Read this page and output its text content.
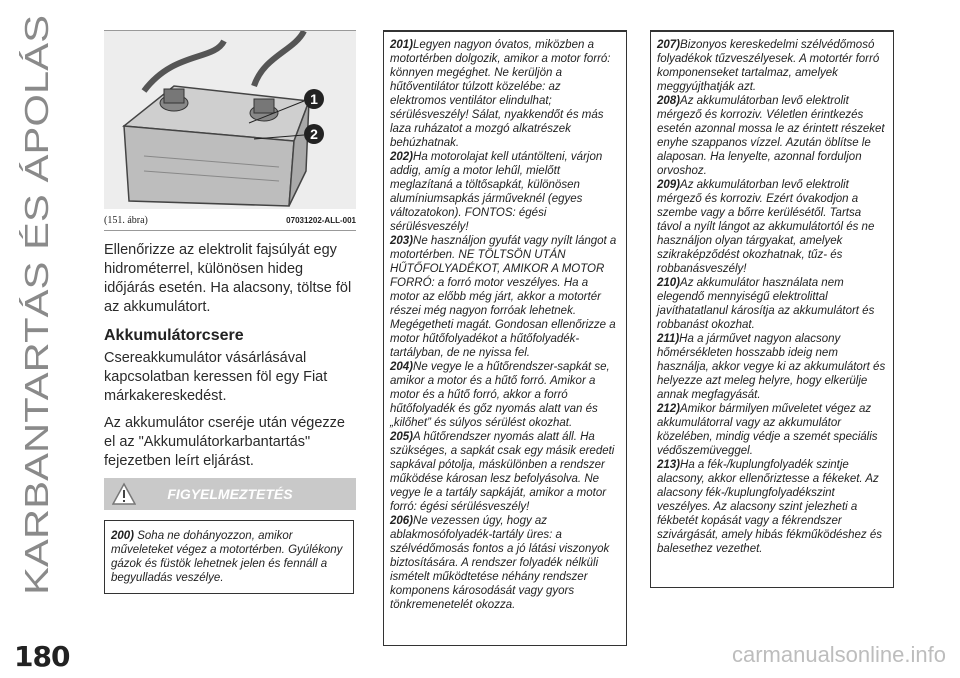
KARBANTARTÁS ÉS ÁPOLÁS
180
1
2
(151. ábra)	07031202-ALL-001

Ellenőrizze az elektrolit fajsúlyát egy hidrométerrel, különösen hideg időjárás esetén. Ha alacsony, töltse föl az akkumulátort.

Akkumulátorcsere

Csereakkumulátor vásárlásával kapcsolatban keressen föl egy Fiat márkakereskedést.

Az akkumulátor cseréje után végezze el az "Akkumulátorkarbantartás" fejezetben leírt eljárást.

FIGYELMEZTETÉS

200) Soha ne dohányozzon, amikor műveleteket végez a motortérben. Gyúlékony gázok és füstök lehetnek jelen és fennáll a begyulladás veszélye.

201)Legyen nagyon óvatos, miközben a motortérben dolgozik, amikor a motor forró: könnyen megéghet. Ne kerüljön a hűtőventilátor túlzott közelébe: az elektromos ventilátor elindulhat; sérülésveszély! Sálat, nyakkendőt és más laza ruházatot a mozgó alkatrészek behúzhatnak.

202)Ha motorolajat kell utántölteni, várjon addig, amíg a motor lehűl, mielőtt meglazítaná a töltősapkát, különösen alumíniumsapkás járműveknél (egyes változatokon). FONTOS: égési sérülésveszély!

203)Ne használjon gyufát vagy nyílt lángot a motortérben. NE TÖLTSÖN UTÁN HŰTŐFOLYADÉKOT, AMIKOR A MOTOR FORRÓ: a forró motor veszélyes. Ha a motor az előbb még járt, akkor a motortér részei még nagyon forróak lehetnek. Megégetheti magát. Gondosan ellenőrizze a motor hűtőfolyadékot a hűtőfolyadék-tartályban, de ne nyissa fel.

204)Ne vegye le a hűtőrendszer-sapkát se, amikor a motor és a hűtő forró. Amikor a motor és a hűtő forró, akkor a forró hűtőfolyadék és gőz nyomás alatt van és „kilőhet” és súlyos sérülést okozhat.

205)A hűtőrendszer nyomás alatt áll. Ha szükséges, a sapkát csak egy másik eredeti sapkával pótolja, máskülönben a rendszer működése károsan lesz befolyásolva. Ne vegye le a tartály sapkáját, amikor a motor forró: égési sérülésveszély!

206)Ne vezessen úgy, hogy az ablakmosófolyadék-tartály üres: a szélvédőmosás fontos a jó látási viszonyok biztosítására. A rendszer folyadék nélküli ismételt működtetése néhány rendszer komponens károsodását vagy gyors tönkremenetelét okozza.

207)Bizonyos kereskedelmi szélvédőmosó folyadékok tűzveszélyesek. A motortér forró komponenseket tartalmaz, amelyek meggyújthatják azt.

208)Az akkumulátorban levő elektrolit mérgező és korroziv. Véletlen érintkezés esetén azonnal mossa le az érintett részeket enyhe szappanos vízzel. Azután öblítse le alaposan. Ha lenyelte, azonnal forduljon orvoshoz.

209)Az akkumulátorban levő elektrolit mérgező és korroziv. Ezért óvakodjon a szembe vagy a bőrre kerülésétől. Tartsa távol a nyílt lángot az akkumulátortól és ne használjon olyan tárgyakat, amelyek szikraképződést okozhatnak, tűz- és robbanásveszély!

210)Az akkumulátor használata nem elegendő mennyiségű elektrolittal javíthatatlanul károsítja az akkumulátort és robbanást okozhat.

211)Ha a járművet nagyon alacsony hőmérsékleten hosszabb ideig nem használja, akkor vegye ki az akkumulátort és helyezze azt meleg helyre, hogy elkerülje annak megfagyását.

212)Amikor bármilyen műveletet végez az akkumulátorral vagy az akkumulátor közelében, mindig védje a szemét speciális védőszemüveggel.

213)Ha a fék-/kuplungfolyadék szintje alacsony, akkor ellenőriztesse a fékeket. Az alacsony fék-/kuplungfolyadékszint veszélyes. Az alacsony szint jelezheti a fékbetét kopását vagy a fékrendszer szivárgását, amely hibás fékműködéshez és balesethez vezethet.

carmanualsonline.info
